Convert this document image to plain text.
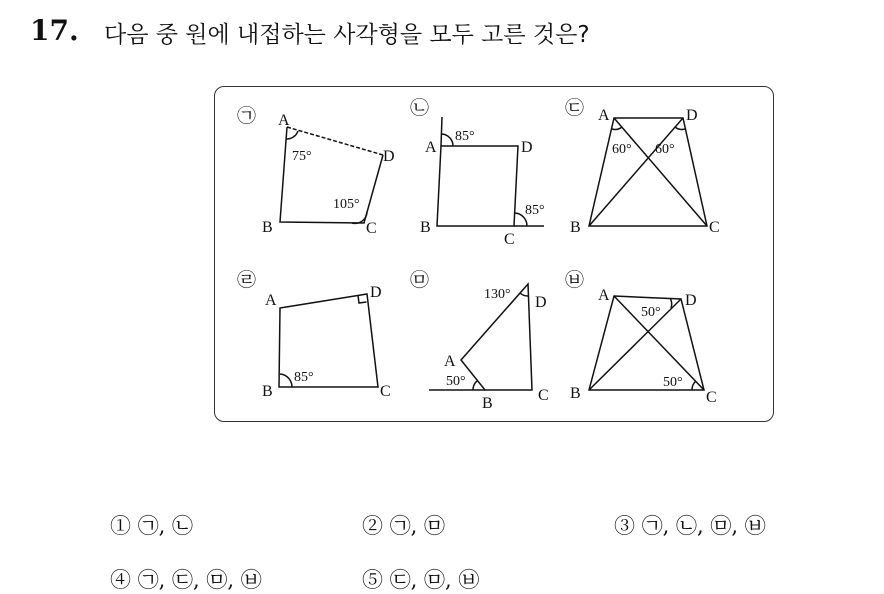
17. 다음 중 원에 내접하는 사각형을 모두 고른 것은?
㉠ A
B	C
D
75°
105°
㉡
A
B
C
D
85°
85°
㉢ A
B	C
D
60° 60°
㉣
A
B	C
D
85°
㉤
A
B	C
D
130°
50°
㉥
A
B	C
D
50°
50°
① ㉠, ㉡	② ㉠, ㉤	③ ㉠, ㉡, ㉤, ㉥
④ ㉠, ㉢, ㉤, ㉥	⑤ ㉢, ㉤, ㉥
